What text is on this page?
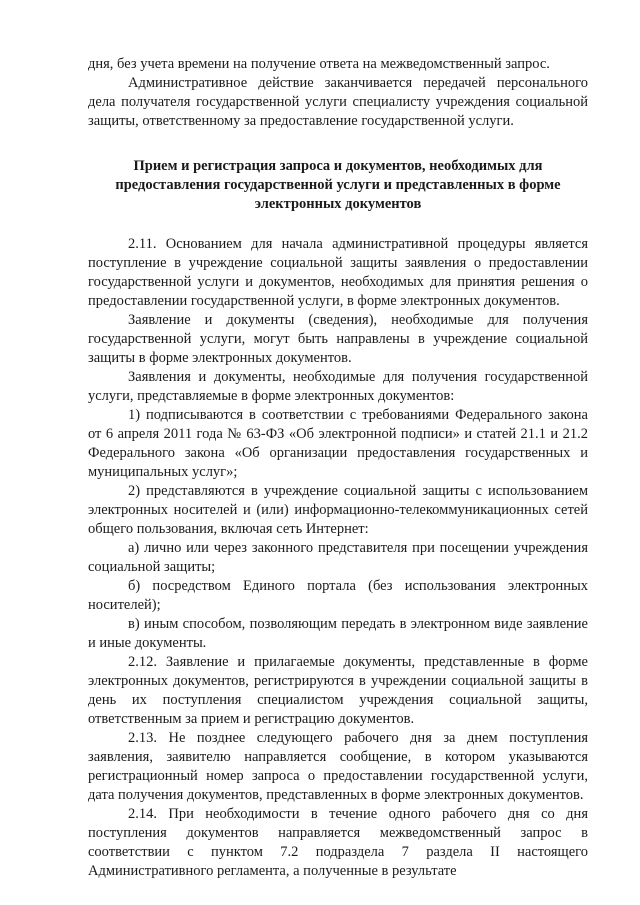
дня, без учета времени на получение ответа на межведомственный запрос.

Административное действие заканчивается передачей персонального дела получателя государственной услуги специалисту учреждения социальной защиты, ответственному за предоставление государственной услуги.

Прием и регистрация запроса и документов, необходимых для предоставления государственной услуги и представленных в форме электронных документов

2.11. Основанием для начала административной процедуры является поступление в учреждение социальной защиты заявления о предоставлении государственной услуги и документов, необходимых для принятия решения о предоставлении государственной услуги, в форме электронных документов.

Заявление и документы (сведения), необходимые для получения государственной услуги, могут быть направлены в учреждение социальной защиты в форме электронных документов.

Заявления и документы, необходимые для получения государственной услуги, представляемые в форме электронных документов:

1) подписываются в соответствии с требованиями Федерального закона от 6 апреля 2011 года № 63-ФЗ «Об электронной подписи» и статей 21.1 и 21.2 Федерального закона «Об организации предоставления государственных и муниципальных услуг»;

2) представляются в учреждение социальной защиты с использованием электронных носителей и (или) информационно-телекоммуникационных сетей общего пользования, включая сеть Интернет:

а) лично или через законного представителя при посещении учреждения социальной защиты;

б) посредством Единого портала (без использования электронных носителей);

в) иным способом, позволяющим передать в электронном виде заявление и иные документы.

2.12. Заявление и прилагаемые документы, представленные в форме электронных документов, регистрируются в учреждении социальной защиты в день их поступления специалистом учреждения социальной защиты, ответственным за прием и регистрацию документов.

2.13. Не позднее следующего рабочего дня за днем поступления заявления, заявителю направляется сообщение, в котором указываются регистрационный номер запроса о предоставлении государственной услуги, дата получения документов, представленных в форме электронных документов.

2.14. При необходимости в течение одного рабочего дня со дня поступления документов направляется межведомственный запрос в соответствии с пунктом 7.2 подраздела 7 раздела II настоящего Административного регламента, а полученные в результате
